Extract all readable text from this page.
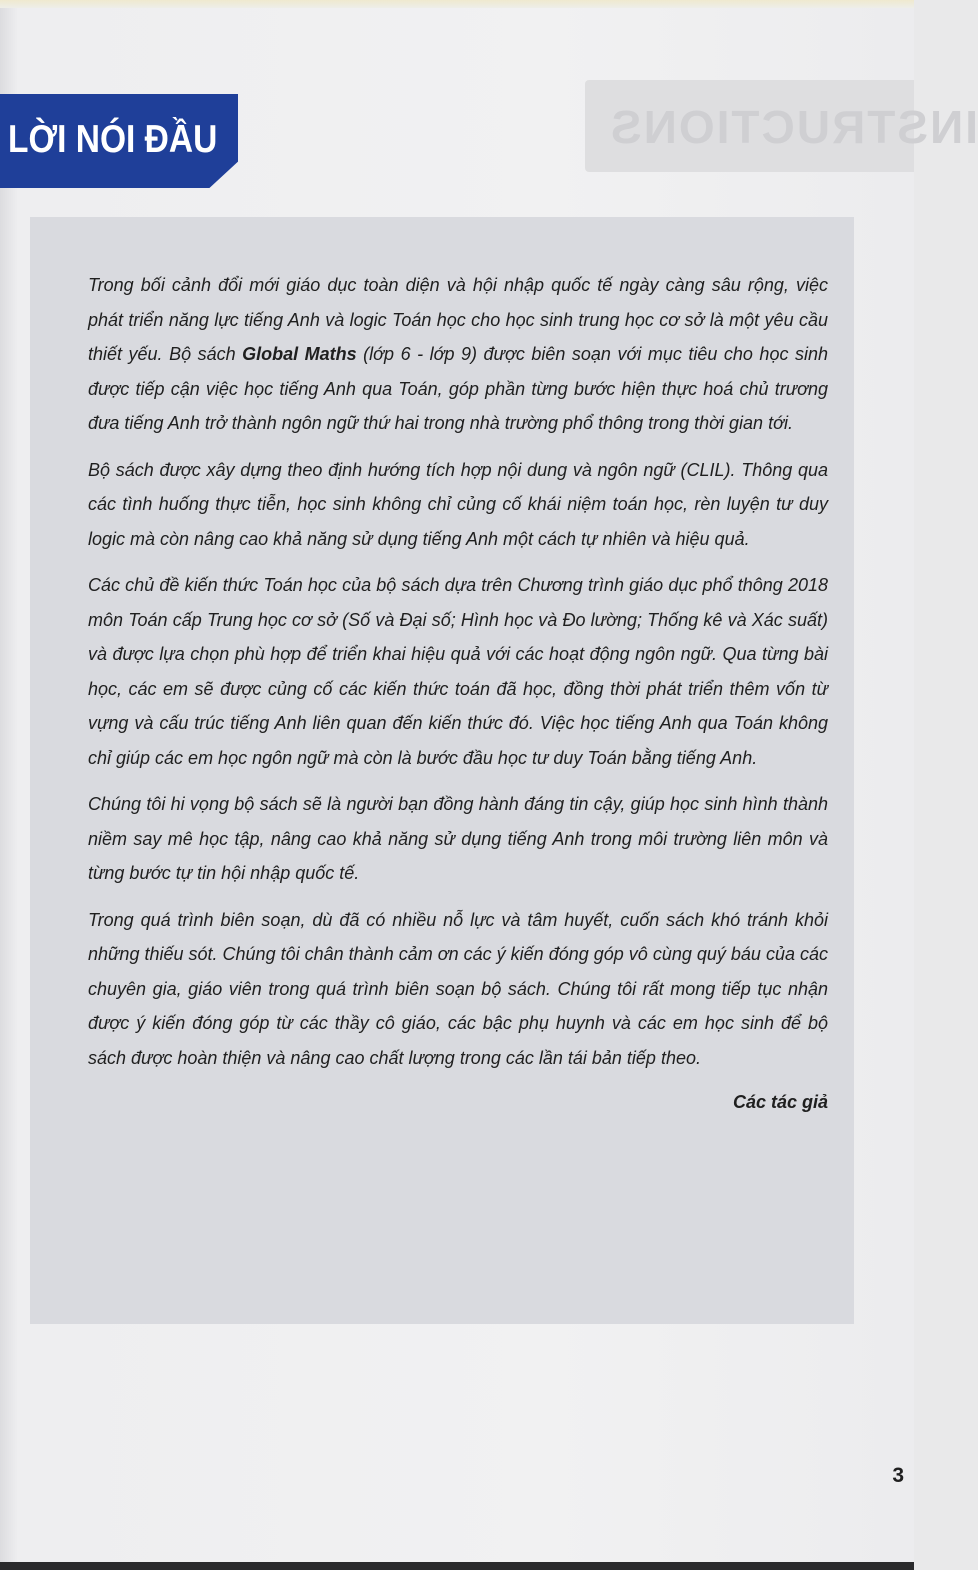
INSTRUCTIONS
LỜI NÓI ĐẦU

Trong bối cảnh đổi mới giáo dục toàn diện và hội nhập quốc tế ngày càng sâu rộng, việc phát triển năng lực tiếng Anh và logic Toán học cho học sinh trung học cơ sở là một yêu cầu thiết yếu. Bộ sách Global Maths (lớp 6 - lớp 9) được biên soạn với mục tiêu cho học sinh được tiếp cận việc học tiếng Anh qua Toán, góp phần từng bước hiện thực hoá chủ trương đưa tiếng Anh trở thành ngôn ngữ thứ hai trong nhà trường phổ thông trong thời gian tới.

Bộ sách được xây dựng theo định hướng tích hợp nội dung và ngôn ngữ (CLIL). Thông qua các tình huống thực tiễn, học sinh không chỉ củng cố khái niệm toán học, rèn luyện tư duy logic mà còn nâng cao khả năng sử dụng tiếng Anh một cách tự nhiên và hiệu quả.

Các chủ đề kiến thức Toán học của bộ sách dựa trên Chương trình giáo dục phổ thông 2018 môn Toán cấp Trung học cơ sở (Số và Đại số; Hình học và Đo lường; Thống kê và Xác suất) và được lựa chọn phù hợp để triển khai hiệu quả với các hoạt động ngôn ngữ. Qua từng bài học, các em sẽ được củng cố các kiến thức toán đã học, đồng thời phát triển thêm vốn từ vựng và cấu trúc tiếng Anh liên quan đến kiến thức đó. Việc học tiếng Anh qua Toán không chỉ giúp các em học ngôn ngữ mà còn là bước đầu học tư duy Toán bằng tiếng Anh.

Chúng tôi hi vọng bộ sách sẽ là người bạn đồng hành đáng tin cậy, giúp học sinh hình thành niềm say mê học tập, nâng cao khả năng sử dụng tiếng Anh trong môi trường liên môn và từng bước tự tin hội nhập quốc tế.

Trong quá trình biên soạn, dù đã có nhiều nỗ lực và tâm huyết, cuốn sách khó tránh khỏi những thiếu sót. Chúng tôi chân thành cảm ơn các ý kiến đóng góp vô cùng quý báu của các chuyên gia, giáo viên trong quá trình biên soạn bộ sách. Chúng tôi rất mong tiếp tục nhận được ý kiến đóng góp từ các thầy cô giáo, các bậc phụ huynh và các em học sinh để bộ sách được hoàn thiện và nâng cao chất lượng trong các lần tái bản tiếp theo.

Các tác giả
3
